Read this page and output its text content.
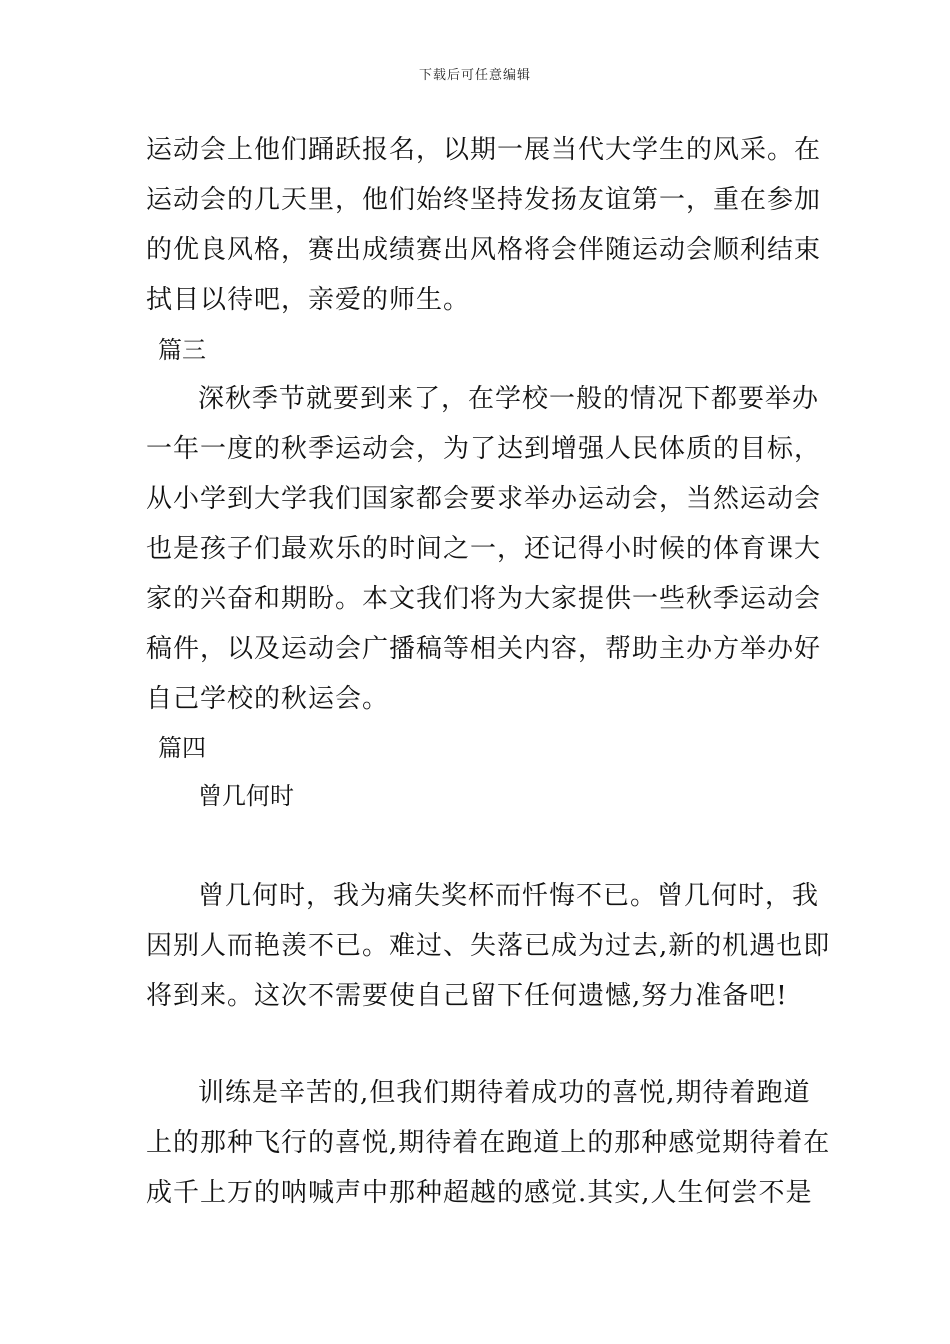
下载后可任意编辑
运动会上他们踊跃报名，以期一展当代大学生的风采。在
运动会的几天里，他们始终坚持发扬友谊第一，重在参加
的优良风格，赛出成绩赛出风格将会伴随运动会顺利结束
拭目以待吧，亲爱的师生。
篇三
深秋季节就要到来了，在学校一般的情况下都要举办
一年一度的秋季运动会，为了达到增强人民体质的目标，
从小学到大学我们国家都会要求举办运动会，当然运动会
也是孩子们最欢乐的时间之一，还记得小时候的体育课大
家的兴奋和期盼。本文我们将为大家提供一些秋季运动会
稿件，以及运动会广播稿等相关内容，帮助主办方举办好
自己学校的秋运会。
篇四
曾几何时
曾几何时，我为痛失奖杯而忏悔不已。曾几何时，我
因别人而艳羡不已。难过、失落已成为过去,新的机遇也即
将到来。这次不需要使自己留下任何遗憾,努力准备吧!
训练是辛苦的,但我们期待着成功的喜悦,期待着跑道
上的那种飞行的喜悦,期待着在跑道上的那种感觉期待着在
成千上万的呐喊声中那种超越的感觉.其实,人生何尝不是
